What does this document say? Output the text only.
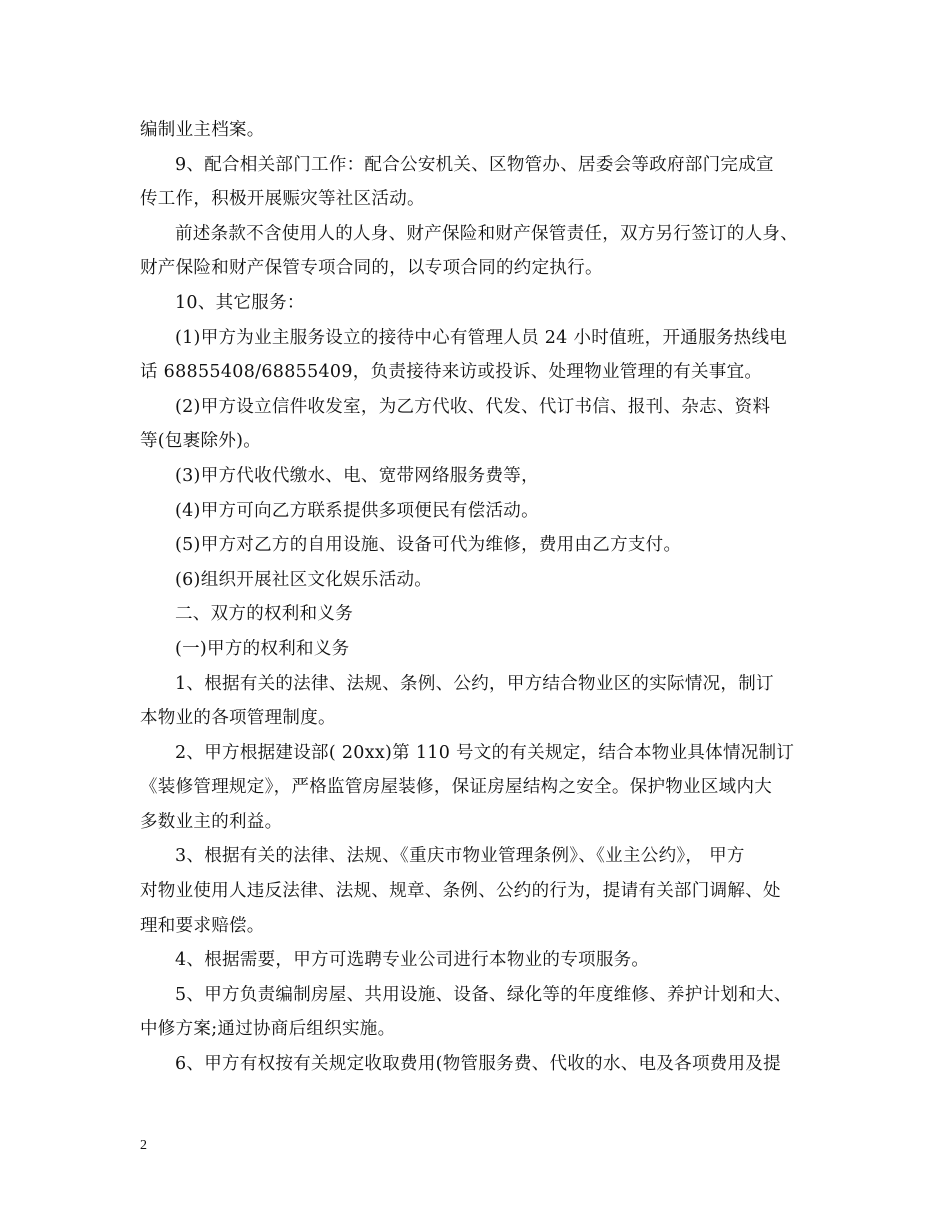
编制业主档案。
9、配合相关部门工作：配合公安机关、区物管办、居委会等政府部门完成宣
传工作，积极开展赈灾等社区活动。
前述条款不含使用人的人身、财产保险和财产保管责任，双方另行签订的人身、
财产保险和财产保管专项合同的，以专项合同的约定执行。
10、其它服务：
(1)甲方为业主服务设立的接待中心有管理人员 24 小时值班，开通服务热线电
话 68855408/68855409，负责接待来访或投诉、处理物业管理的有关事宜。
(2)甲方设立信件收发室，为乙方代收、代发、代订书信、报刊、杂志、资料
等(包裹除外)。
(3)甲方代收代缴水、电、宽带网络服务费等，
(4)甲方可向乙方联系提供多项便民有偿活动。
(5)甲方对乙方的自用设施、设备可代为维修，费用由乙方支付。
(6)组织开展社区文化娱乐活动。
二、双方的权利和义务
(一)甲方的权利和义务
1、根据有关的法律、法规、条例、公约，甲方结合物业区的实际情况，制订
本物业的各项管理制度。
2、甲方根据建设部( 20xx)第 110 号文的有关规定，结合本物业具体情况制订
《装修管理规定》，严格监管房屋装修，保证房屋结构之安全。保护物业区域内大
多数业主的利益。
3、根据有关的法律、法规、《重庆市物业管理条例》、《业主公约》， 甲方
对物业使用人违反法律、法规、规章、条例、公约的行为，提请有关部门调解、处
理和要求赔偿。
4、根据需要，甲方可选聘专业公司进行本物业的专项服务。
5、甲方负责编制房屋、共用设施、设备、绿化等的年度维修、养护计划和大、
中修方案;通过协商后组织实施。
6、甲方有权按有关规定收取费用(物管服务费、代收的水、电及各项费用及提
2
